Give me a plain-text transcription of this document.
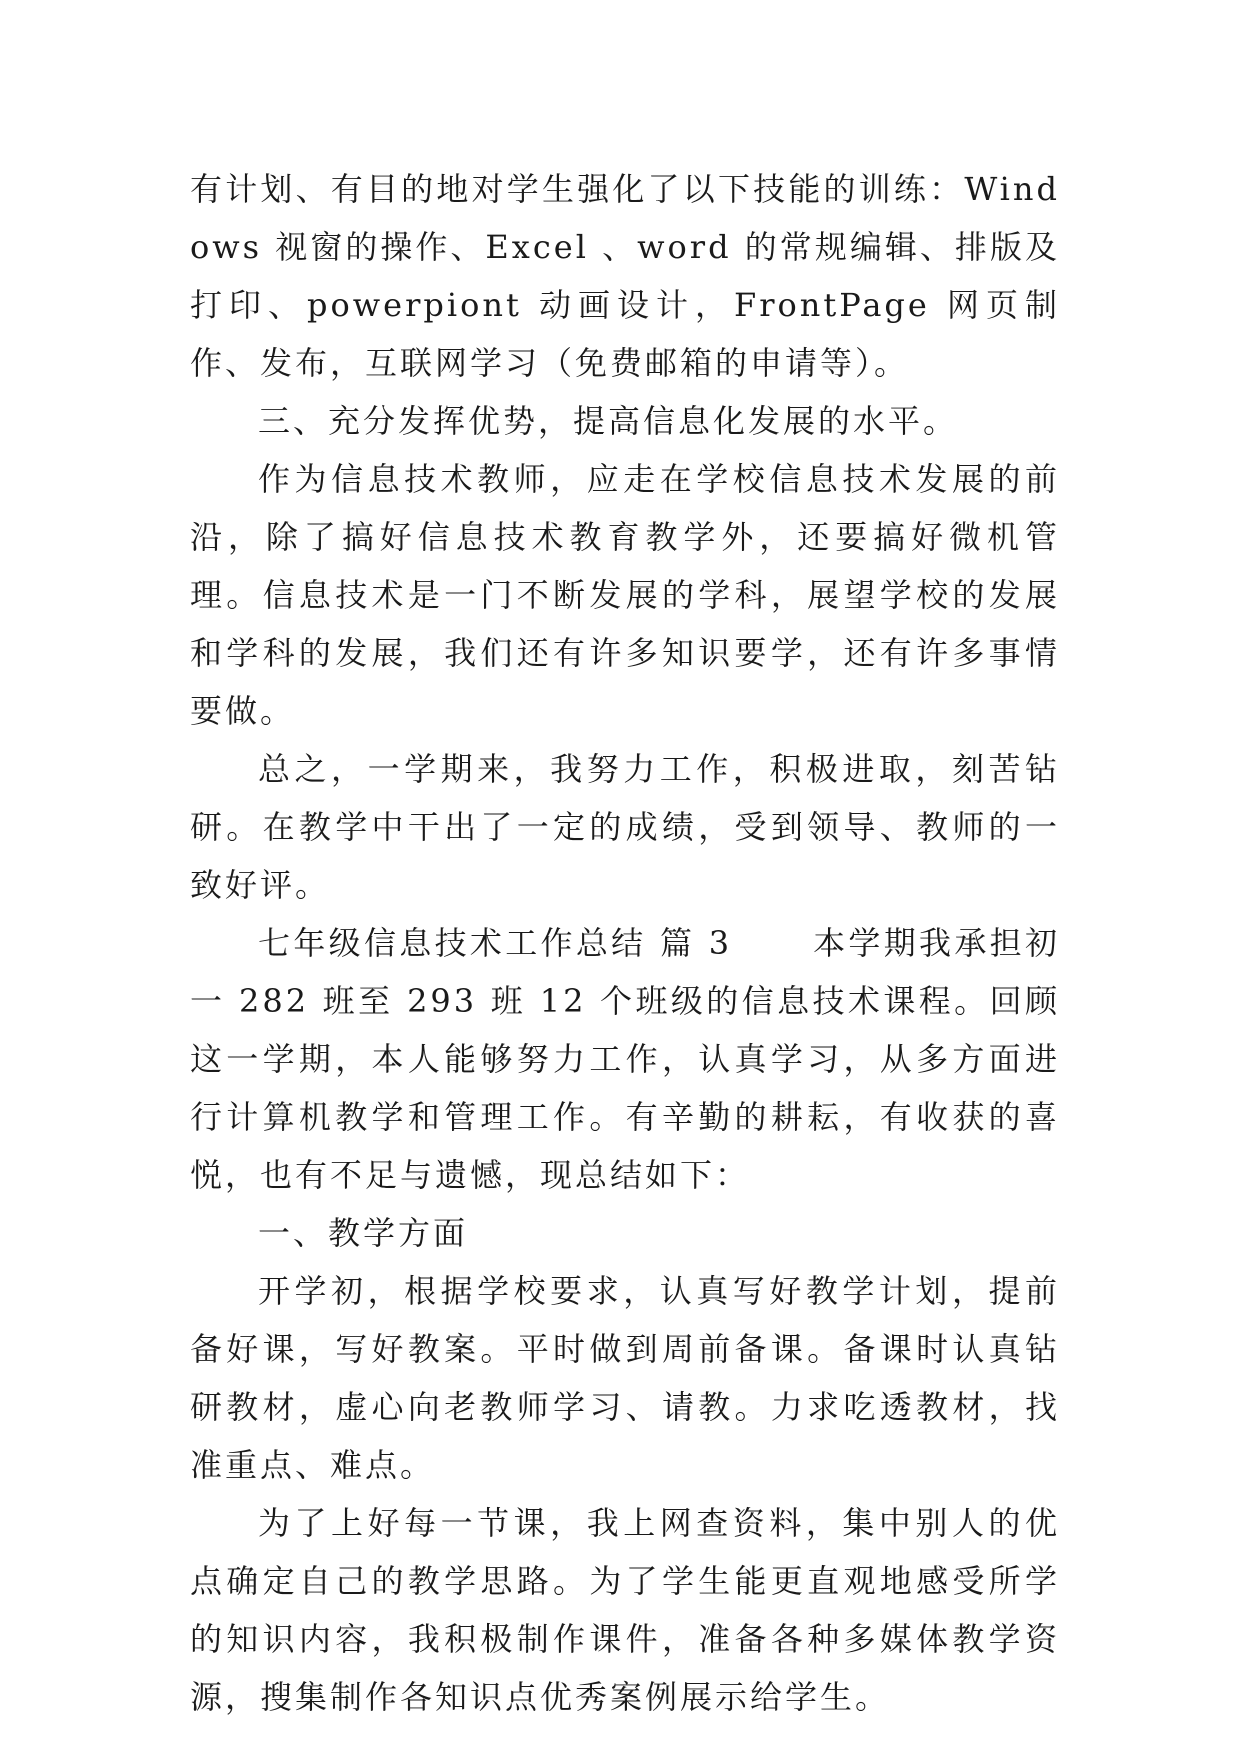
有计划、有目的地对学生强化了以下技能的训练：Windows 视窗的操作、Excel 、word 的常规编辑、排版及打印、powerpiont 动画设计，FrontPage 网页制作、发布，互联网学习（免费邮箱的申请等）。

三、充分发挥优势，提高信息化发展的水平。

作为信息技术教师，应走在学校信息技术发展的前沿，除了搞好信息技术教育教学外，还要搞好微机管理。信息技术是一门不断发展的学科，展望学校的发展和学科的发展，我们还有许多知识要学，还有许多事情要做。

总之，一学期来，我努力工作，积极进取，刻苦钻研。在教学中干出了一定的成绩，受到领导、教师的一致好评。

七年级信息技术工作总结 篇 3	本学期我承担初一 282 班至 293 班 12 个班级的信息技术课程。回顾这一学期，本人能够努力工作，认真学习，从多方面进行计算机教学和管理工作。有辛勤的耕耘，有收获的喜悦，也有不足与遗憾，现总结如下：

一、教学方面

开学初，根据学校要求，认真写好教学计划，提前备好课，写好教案。平时做到周前备课。备课时认真钻研教材，虚心向老教师学习、请教。力求吃透教材，找准重点、难点。

为了上好每一节课，我上网查资料，集中别人的优点确定自己的教学思路。为了学生能更直观地感受所学的知识内容，我积极制作课件，准备各种多媒体教学资源，搜集制作各知识点优秀案例展示给学生。
